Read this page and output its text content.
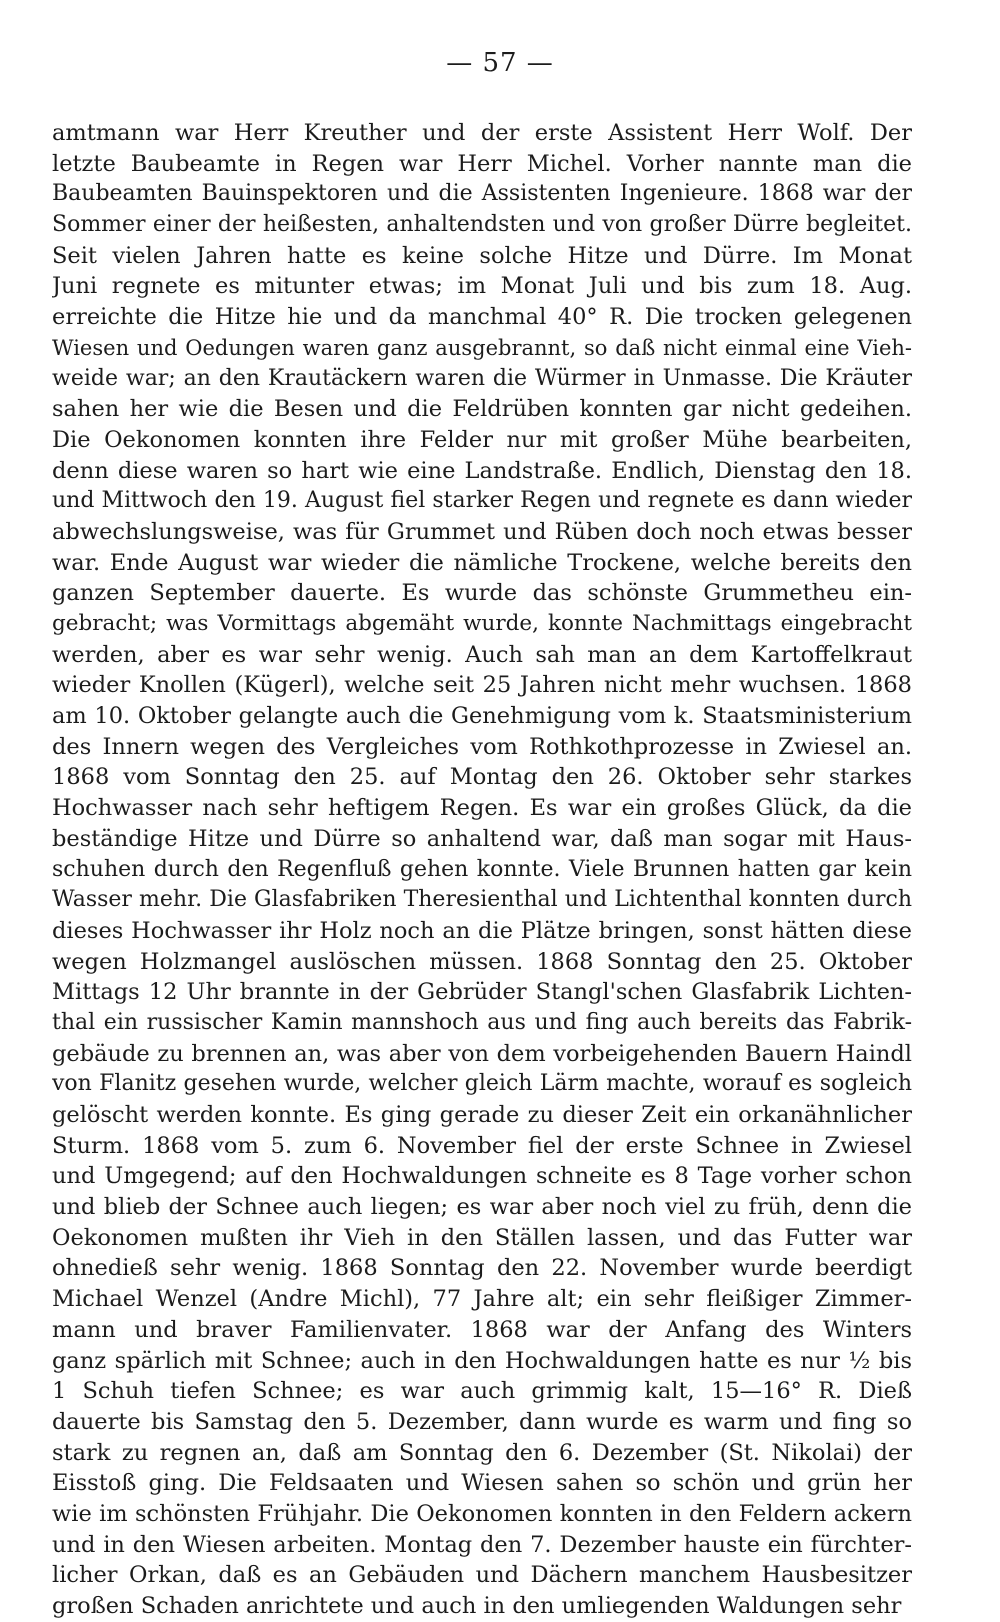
— 57 —
amtmann war Herr Kreuther und der erste Assistent Herr Wolf. Der
letzte Baubeamte in Regen war Herr Michel. Vorher nannte man die
Baubeamten Bauinspektoren und die Assistenten Ingenieure. 1868 war der
Sommer einer der heißesten, anhaltendsten und von großer Dürre begleitet.
Seit vielen Jahren hatte es keine solche Hitze und Dürre. Im Monat
Juni regnete es mitunter etwas; im Monat Juli und bis zum 18. Aug.
erreichte die Hitze hie und da manchmal 40° R. Die trocken gelegenen
Wiesen und Oedungen waren ganz ausgebrannt, so daß nicht einmal eine Vieh-
weide war; an den Krautäckern waren die Würmer in Unmasse. Die Kräuter
sahen her wie die Besen und die Feldrüben konnten gar nicht gedeihen.
Die Oekonomen konnten ihre Felder nur mit großer Mühe bearbeiten,
denn diese waren so hart wie eine Landstraße. Endlich, Dienstag den 18.
und Mittwoch den 19. August fiel starker Regen und regnete es dann wieder
abwechslungsweise, was für Grummet und Rüben doch noch etwas besser
war. Ende August war wieder die nämliche Trockene, welche bereits den
ganzen September dauerte. Es wurde das schönste Grummetheu ein-
gebracht; was Vormittags abgemäht wurde, konnte Nachmittags eingebracht
werden, aber es war sehr wenig. Auch sah man an dem Kartoffelkraut
wieder Knollen (Kügerl), welche seit 25 Jahren nicht mehr wuchsen. 1868
am 10. Oktober gelangte auch die Genehmigung vom k. Staatsministerium
des Innern wegen des Vergleiches vom Rothkothprozesse in Zwiesel an.
1868 vom Sonntag den 25. auf Montag den 26. Oktober sehr starkes
Hochwasser nach sehr heftigem Regen. Es war ein großes Glück, da die
beständige Hitze und Dürre so anhaltend war, daß man sogar mit Haus-
schuhen durch den Regenfluß gehen konnte. Viele Brunnen hatten gar kein
Wasser mehr. Die Glasfabriken Theresienthal und Lichtenthal konnten durch
dieses Hochwasser ihr Holz noch an die Plätze bringen, sonst hätten diese
wegen Holzmangel auslöschen müssen. 1868 Sonntag den 25. Oktober
Mittags 12 Uhr brannte in der Gebrüder Stangl'schen Glasfabrik Lichten-
thal ein russischer Kamin mannshoch aus und fing auch bereits das Fabrik-
gebäude zu brennen an, was aber von dem vorbeigehenden Bauern Haindl
von Flanitz gesehen wurde, welcher gleich Lärm machte, worauf es sogleich
gelöscht werden konnte. Es ging gerade zu dieser Zeit ein orkanähnlicher
Sturm. 1868 vom 5. zum 6. November fiel der erste Schnee in Zwiesel
und Umgegend; auf den Hochwaldungen schneite es 8 Tage vorher schon
und blieb der Schnee auch liegen; es war aber noch viel zu früh, denn die
Oekonomen mußten ihr Vieh in den Ställen lassen, und das Futter war
ohnedieß sehr wenig. 1868 Sonntag den 22. November wurde beerdigt
Michael Wenzel (Andre Michl), 77 Jahre alt; ein sehr fleißiger Zimmer-
mann und braver Familienvater. 1868 war der Anfang des Winters
ganz spärlich mit Schnee; auch in den Hochwaldungen hatte es nur ½ bis
1 Schuh tiefen Schnee; es war auch grimmig kalt, 15—16° R. Dieß
dauerte bis Samstag den 5. Dezember, dann wurde es warm und fing so
stark zu regnen an, daß am Sonntag den 6. Dezember (St. Nikolai) der
Eisstoß ging. Die Feldsaaten und Wiesen sahen so schön und grün her
wie im schönsten Frühjahr. Die Oekonomen konnten in den Feldern ackern
und in den Wiesen arbeiten. Montag den 7. Dezember hauste ein fürchter-
licher Orkan, daß es an Gebäuden und Dächern manchem Hausbesitzer
großen Schaden anrichtete und auch in den umliegenden Waldungen sehr
